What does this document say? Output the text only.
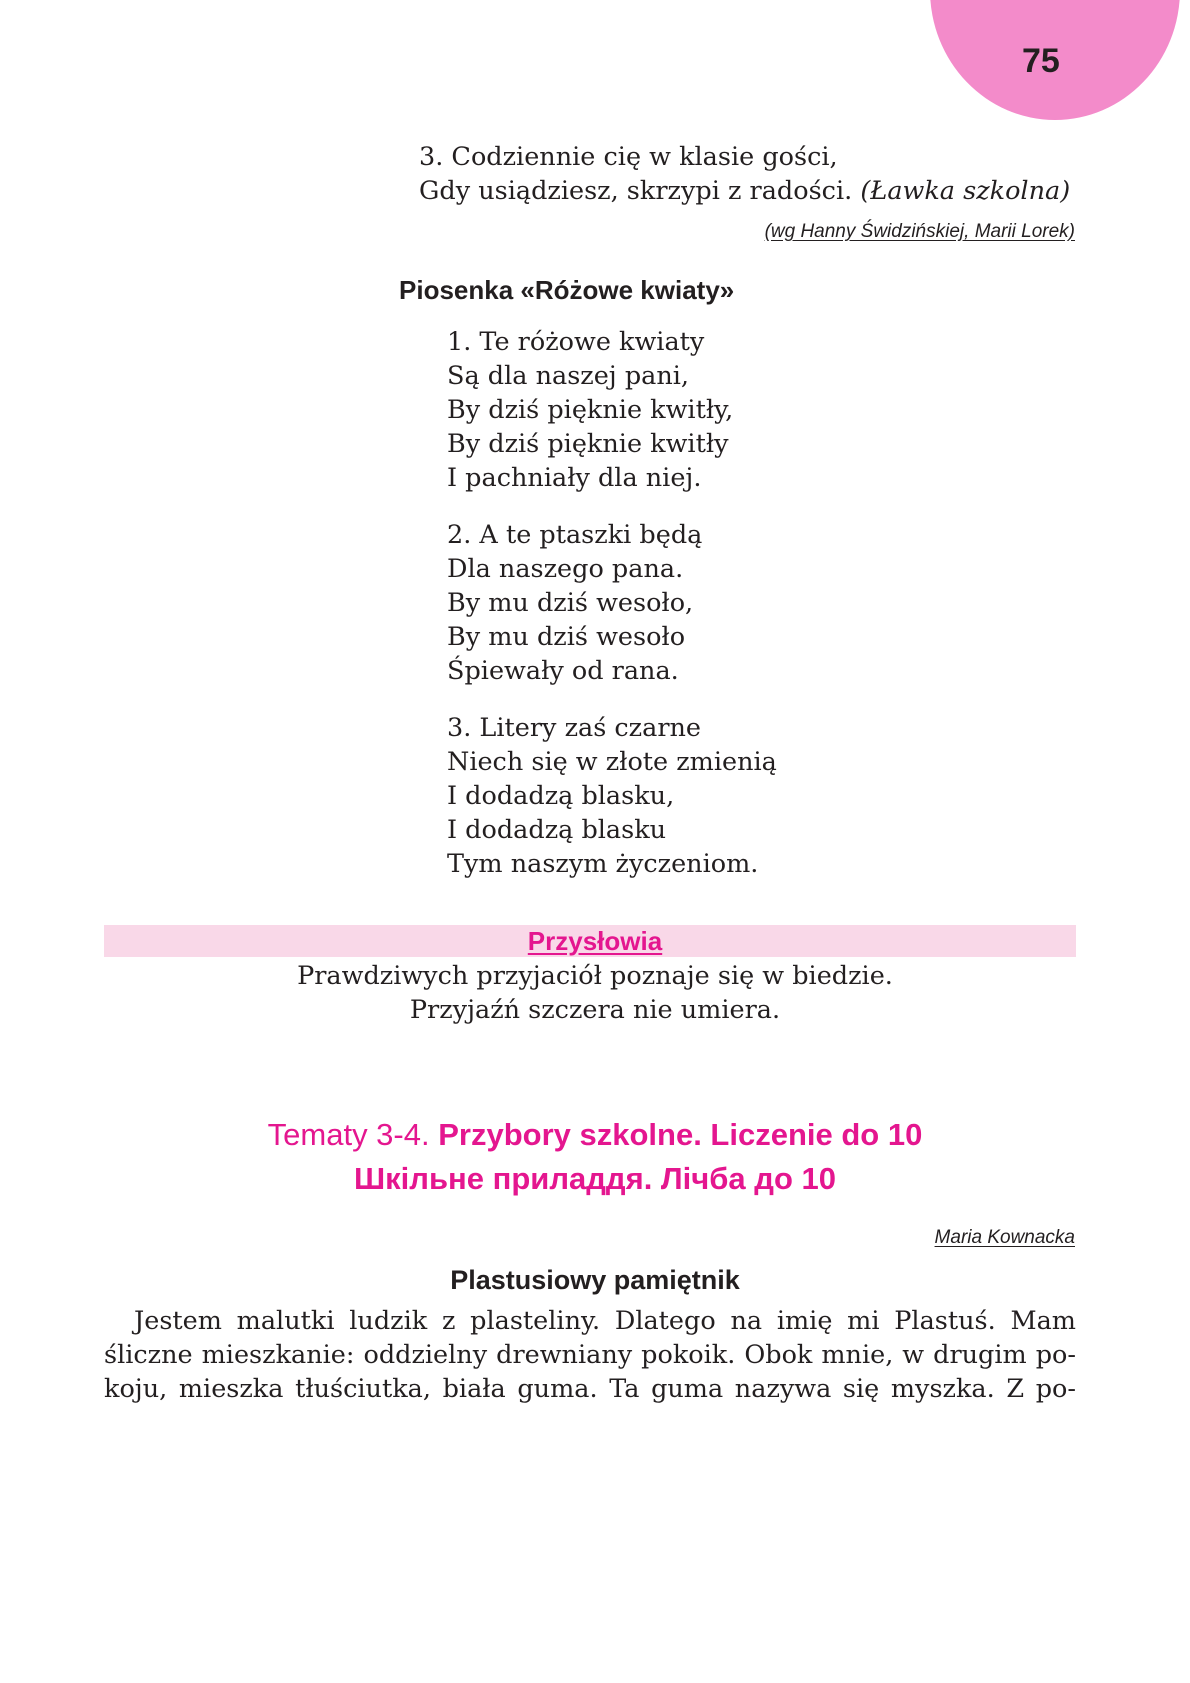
75
3. Codziennie cię w klasie gości,
Gdy usiądziesz, skrzypi z radości. (Ławka szkolna)
(wg Hanny Świdzińskiej, Marii Lorek)
Piosenka «Różowe kwiaty»
1. Te różowe kwiaty
Są dla naszej pani,
By dziś pięknie kwitły,
By dziś pięknie kwitły
I pachniały dla niej.
2. A te ptaszki będą
Dla naszego pana.
By mu dziś wesoło,
By mu dziś wesoło
Śpiewały od rana.
3. Litery zaś czarne
Niech się w złote zmienią
I dodadzą blasku,
I dodadzą blasku
Tym naszym życzeniom.
Przysłowia
Prawdziwych przyjaciół poznaje się w biedzie.
Przyjaźń szczera nie umiera.
Tematy 3-4. Przybory szkolne. Liczenie do 10
Шкільне приладдя. Лічба до 10
Maria Kownacka
Plastusiowy pamiętnik
Jestem malutki ludzik z plasteliny. Dlatego na imię mi Plastuś. Mam
śliczne mieszkanie: oddzielny drewniany pokoik. Obok mnie, w drugim po-
koju, mieszka tłuściutka, biała guma. Ta guma nazywa się myszka. Z po-
